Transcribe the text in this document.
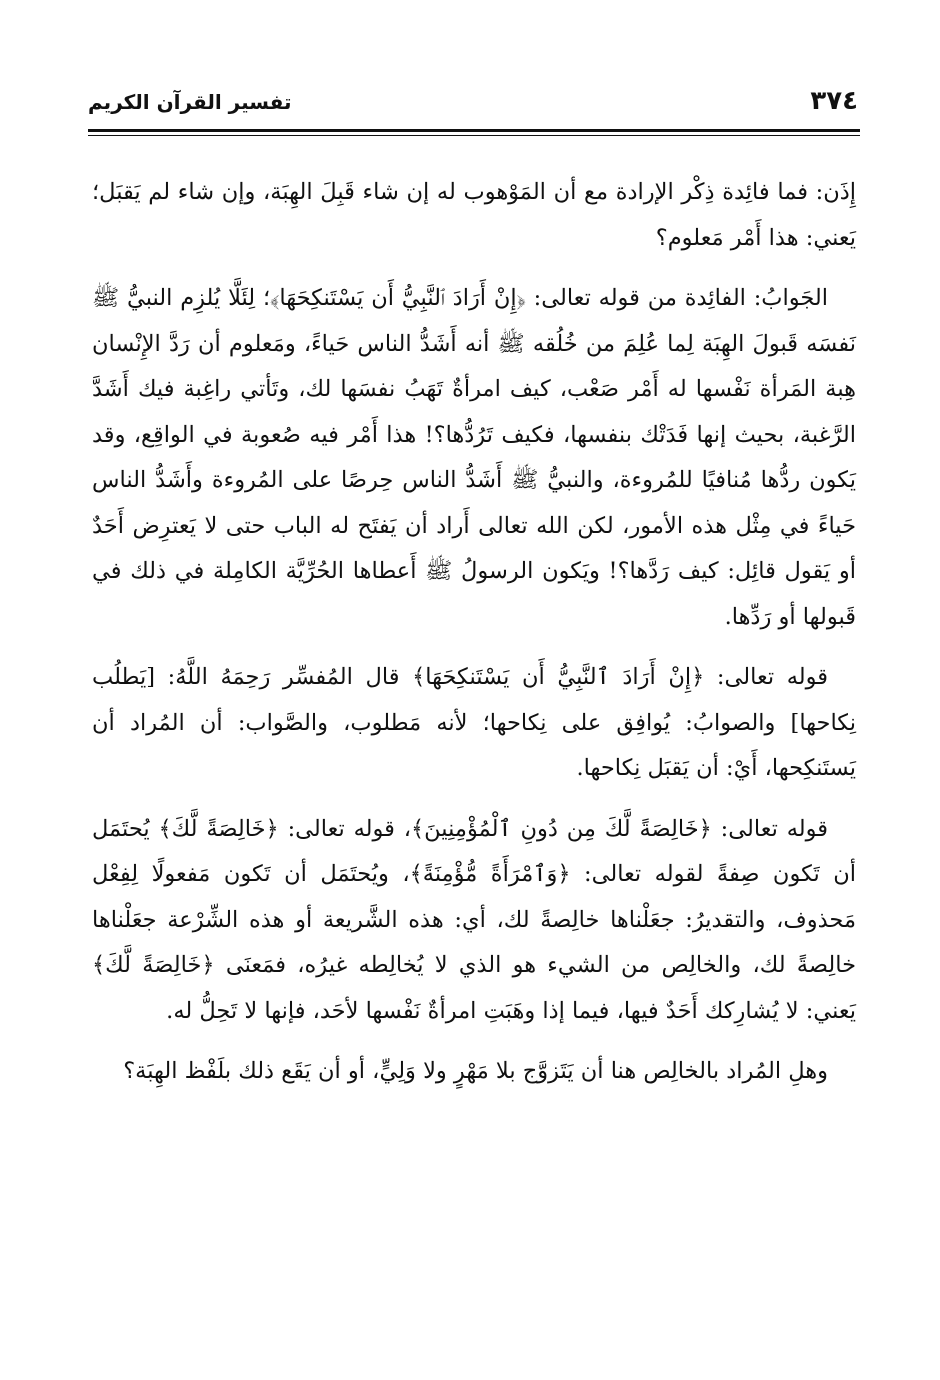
٣٧٤
تفسير القرآن الكريم

إِذَن: فما فائِدة ذِكْر الإرادة مع أن المَوْهوب له إن شاء قَبِلَ الهِبَة، وإن شاء لم يَقبَل؛ يَعني: هذا أَمْر مَعلوم؟

الجَوابُ: الفائِدة من قوله تعالى: ﴿إِنْ أَرَادَ ٱلنَّبِيُّ أَن يَسْتَنكِحَهَا﴾؛ لِئَلَّا يُلزِم النبيُّ ﷺ نَفسَه قَبولَ الهِبَة لِما عُلِمَ من خُلُقه ﷺ أنه أَشَدُّ الناس حَياءً، ومَعلوم أن رَدَّ الإِنْسان هِبة المَرأة نَفْسها له أَمْر صَعْب، كيف امرأةٌ تَهَبُ نفسَها لك، وتَأتي راغِبة فيك أَشَدَّ الرَّغبة، بحيث إنها فَدَتْك بنفسها، فكيف تَرُدُّها؟! هذا أَمْر فيه صُعوبة في الواقِع، وقد يَكون ردُّها مُنافيًا للمُروءة، والنبيُّ ﷺ أَشَدُّ الناس حِرصًا على المُروءة وأَشَدُّ الناس حَياءً في مِثْل هذه الأمور، لكن الله تعالى أَراد أن يَفتَح له الباب حتى لا يَعترِض أَحَدٌ أو يَقول قائِل: كيف رَدَّها؟! ويَكون الرسولُ ﷺ أَعطاها الحُرِّيَّة الكامِلة في ذلك في قَبولها أو رَدِّها.

قوله تعالى: ﴿إِنْ أَرَادَ ٱلنَّبِيُّ أَن يَسْتَنكِحَهَا﴾ قال المُفسِّر رَحِمَهُ اللَّهُ: [يَطلُب نِكاحها] والصوابُ: يُوافِق على نِكاحها؛ لأنه مَطلوب، والصَّواب: أن المُراد أن يَستَنكِحها، أَيْ: أن يَقبَل نِكاحها.

قوله تعالى: ﴿خَالِصَةً لَّكَ مِن دُونِ ٱلْمُؤْمِنِينَ﴾، قوله تعالى: ﴿خَالِصَةً لَّكَ﴾ يُحتَمَل أن تَكون صِفةً لقوله تعالى: ﴿وَٱمْرَأَةً مُّؤْمِنَةً﴾، ويُحتَمَل أن تَكون مَفعولًا لِفِعْل مَحذوف، والتقديرُ: جعَلْناها خالِصةً لك، أي: هذه الشَّريعة أو هذه الشِّرْعة جعَلْناها خالِصةً لك، والخالِص من الشيء هو الذي لا يُخالِطه غيرُه، فمَعنَى ﴿خَالِصَةً لَّكَ﴾ يَعني: لا يُشارِكك أَحَدٌ فيها، فيما إذا وهَبَتِ امرأةٌ نَفْسها لأحَد، فإنها لا تَحِلُّ له.

وهلِ المُراد بالخالِص هنا أن يَتَزوَّج بلا مَهْرٍ ولا وَلِيٍّ، أو أن يَقَع ذلك بلَفْظ الهِبَة؟
